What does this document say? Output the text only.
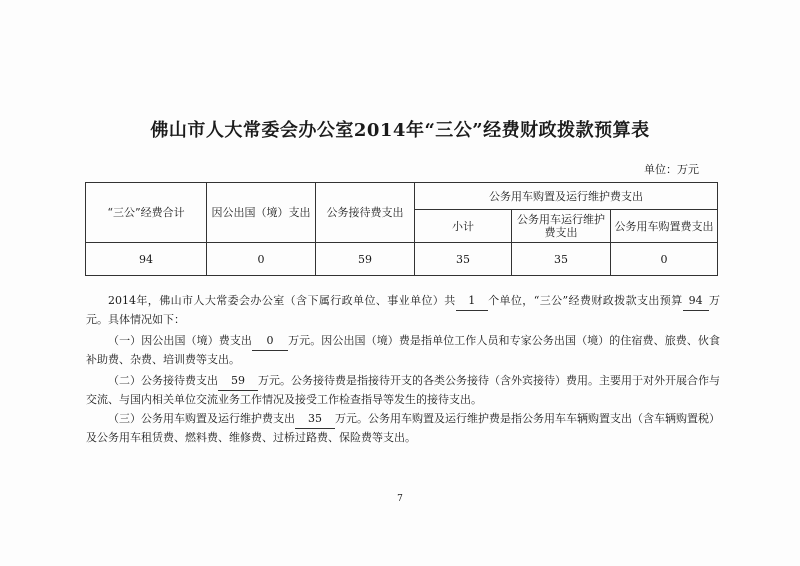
佛山市人大常委会办公室2014年“三公”经费财政拨款预算表
单位：万元
“三公”经费合计	因公出国（境）支出	公务接待费支出	公务用车购置及运行维护费支出		
			小计	公务用车运行维护费支出	公务用车购置费支出
94	0	59	35	35	0
2014年，佛山市人大常委会办公室（含下属行政单位、事业单位）共 1 个单位，“三公”经费财政拨款支出预算 94 万元。具体情况如下：
（一）因公出国（境）费支出 0 万元。因公出国（境）费是指单位工作人员和专家公务出国（境）的住宿费、旅费、伙食补助费、杂费、培训费等支出。
（二）公务接待费支出 59 万元。公务接待费是指接待开支的各类公务接待（含外宾接待）费用。主要用于对外开展合作与交流、与国内相关单位交流业务工作情况及接受工作检查指导等发生的接待支出。
（三）公务用车购置及运行维护费支出 35 万元。公务用车购置及运行维护费是指公务用车车辆购置支出（含车辆购置税）及公务用车租赁费、燃料费、维修费、过桥过路费、保险费等支出。
7
